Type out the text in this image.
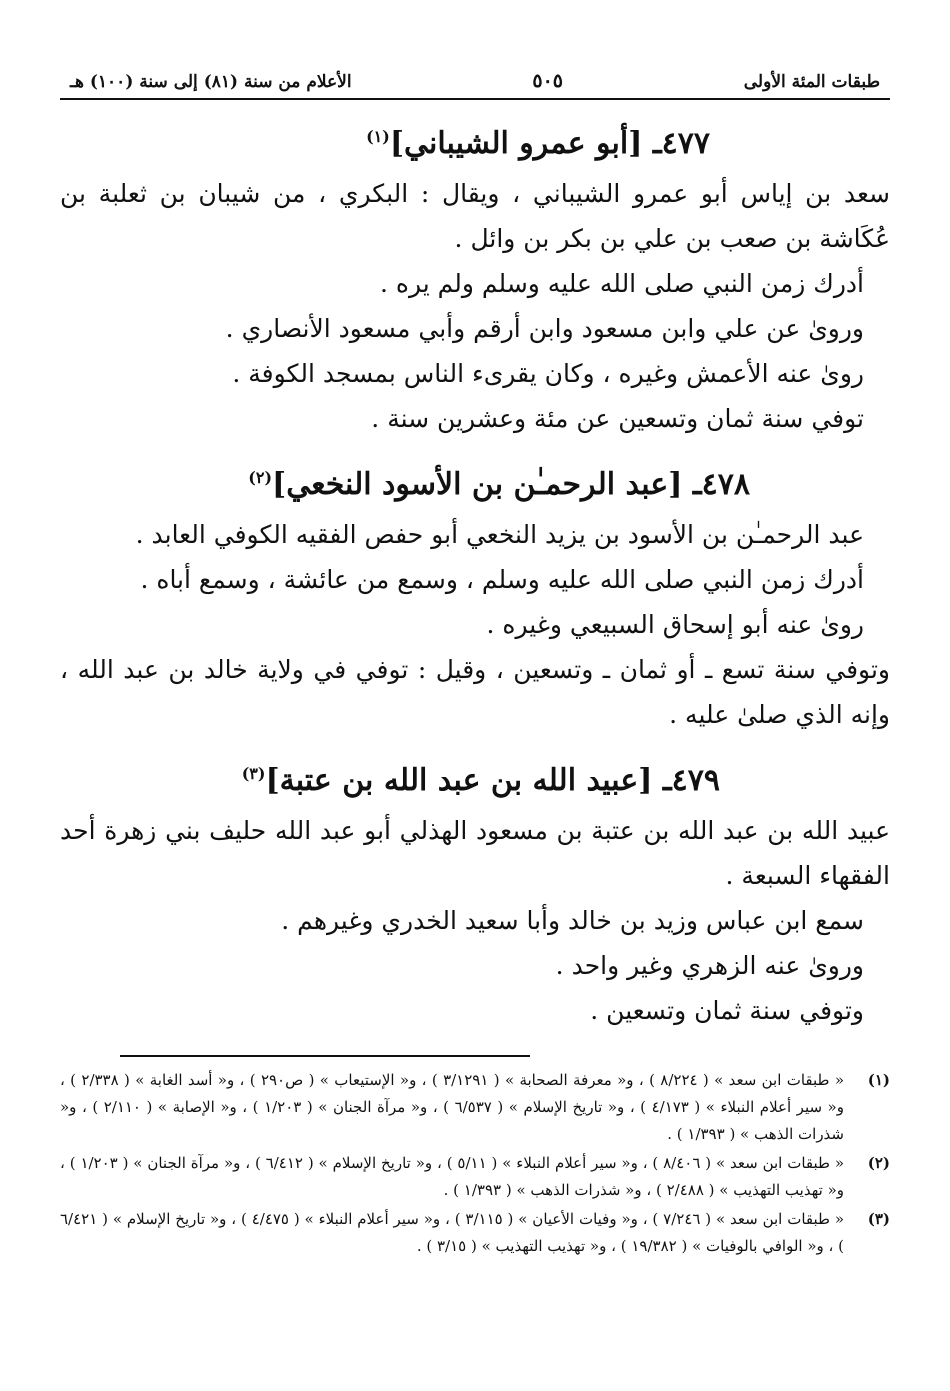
طبقات المئة الأولى
٥٠٥
الأعلام من سنة (٨١) إلى سنة (١٠٠) هـ
٤٧٧ـ [أبو عمرو الشيباني]$^{(١)}$

سعد بن إياس أبو عمرو الشيباني ، ويقال : البكري ، من شيبان بن ثعلبة بن عُكَاشة بن صعب بن علي بن بكر بن وائل .

أدرك زمن النبي صلى الله عليه وسلم ولم يره .

وروىٰ عن علي وابن مسعود وابن أرقم وأبي مسعود الأنصاري .

روىٰ عنه الأعمش وغيره ، وكان يقرىء الناس بمسجد الكوفة .

توفي سنة ثمان وتسعين عن مئة وعشرين سنة .

٤٧٨ـ [عبد الرحمـٰن بن الأسود النخعي]$^{(٢)}$

عبد الرحمـٰن بن الأسود بن يزيد النخعي أبو حفص الفقيه الكوفي العابد .

أدرك زمن النبي صلى الله عليه وسلم ، وسمع من عائشة ، وسمع أباه .

روىٰ عنه أبو إسحاق السبيعي وغيره .

وتوفي سنة تسع ـ أو ثمان ـ وتسعين ، وقيل : توفي في ولاية خالد بن عبد الله ، وإنه الذي صلىٰ عليه .

٤٧٩ـ [عبيد الله بن عبد الله بن عتبة]$^{(٣)}$

عبيد الله بن عبد الله بن عتبة بن مسعود الهذلي أبو عبد الله حليف بني زهرة أحد الفقهاء السبعة .

سمع ابن عباس وزيد بن خالد وأبا سعيد الخدري وغيرهم .

ورویٰ عنه الزهري وغير واحد .

وتوفي سنة ثمان وتسعين .

(١)
« طبقات ابن سعد » ( ٨/٢٢٤ ) ، و« معرفة الصحابة » ( ٣/١٢٩١ ) ، و« الإستيعاب » ( ص٢٩٠ ) ، و« أسد الغابة » ( ٢/٣٣٨ ) ، و« سير أعلام النبلاء » ( ٤/١٧٣ ) ، و« تاريخ الإسلام » ( ٦/٥٣٧ ) ، و« مرآة الجنان » ( ١/٢٠٣ ) ، و« الإصابة » ( ٢/١١٠ ) ، و« شذرات الذهب » ( ١/٣٩٣ ) .
(٢)
« طبقات ابن سعد » ( ٨/٤٠٦ ) ، و« سير أعلام النبلاء » ( ٥/١١ ) ، و« تاريخ الإسلام » ( ٦/٤١٢ ) ، و« مرآة الجنان » ( ١/٢٠٣ ) ، و« تهذيب التهذيب » ( ٢/٤٨٨ ) ، و« شذرات الذهب » ( ١/٣٩٣ ) .
(٣)
« طبقات ابن سعد » ( ٧/٢٤٦ ) ، و« وفيات الأعيان » ( ٣/١١٥ ) ، و« سير أعلام النبلاء » ( ٤/٤٧٥ ) ، و« تاريخ الإسلام » ( ٦/٤٢١ ) ، و« الوافي بالوفيات » ( ١٩/٣٨٢ ) ، و« تهذيب التهذيب » ( ٣/١٥ ) .
